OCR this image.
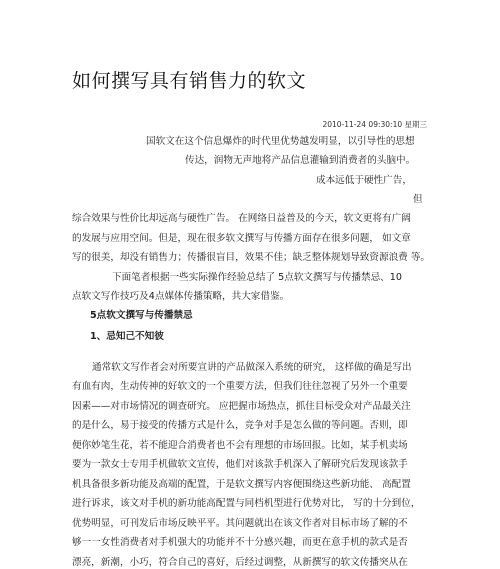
如何撰写具有销售力的软文
2010-11-24 09:30:10 星期三
国软文在这个信息爆炸的时代里优势越发明显，以引导性的思想
传达，润物无声地将产品信息灌输到消费者的头脑中。
成本远低于硬性广告，
但
综合效果与性价比却远高与硬性广告。 在网络日益普及的今天，软文更将有广阔
的发展与应用空间。但是，现在很多软文撰写与传播方面存在很多问题， 如文章
写的很美，却没有销售力；传播很盲目，效果不佳；缺乏整体规划导致资源浪费 等。
下面笔者根据一些实际操作经验总结了 5点软文撰写与传播禁忌、10
点软文写作技巧及4点媒体传播策略，共大家借鉴。
5点软文撰写与传播禁忌
1、忌知己不知彼
通常软文写作者会对所要宣讲的产品做深入系统的研究， 这样做的确是写出
有血有肉，生动传神的好软文的一个重要方法，但我们往往忽视了另外一个重要
因素——对市场情况的调查研究。 应把握市场热点，抓住目标受众对产品最关注
的是什么，易于接受的传播方式是什么，竞争对手是怎么做的等问题。否则，即
便你妙笔生花，若不能迎合消费者也不会有理想的市场回报。比如，某手机卖场
要为一款女士专用手机做软文宣传，他们对该款手机深入了解研究后发现该款手
机具备很多新功能及高端的配置，于是软文撰写内容便围绕这些新功能、 高配置
进行诉求，该文对手机的新功能高配置与同档机型进行优势对比， 写的十分到位，
优势明显，可刊发后市场反映平平。其问题就出在该文作者对目标市场了解的不
够一一女性消费者对手机强大的功能并不十分感兴趣，而更在意手机的款式是否
漂亮，新潮，小巧，符合自己的喜好，后经过调整，从新撰写的软文传播突从在
